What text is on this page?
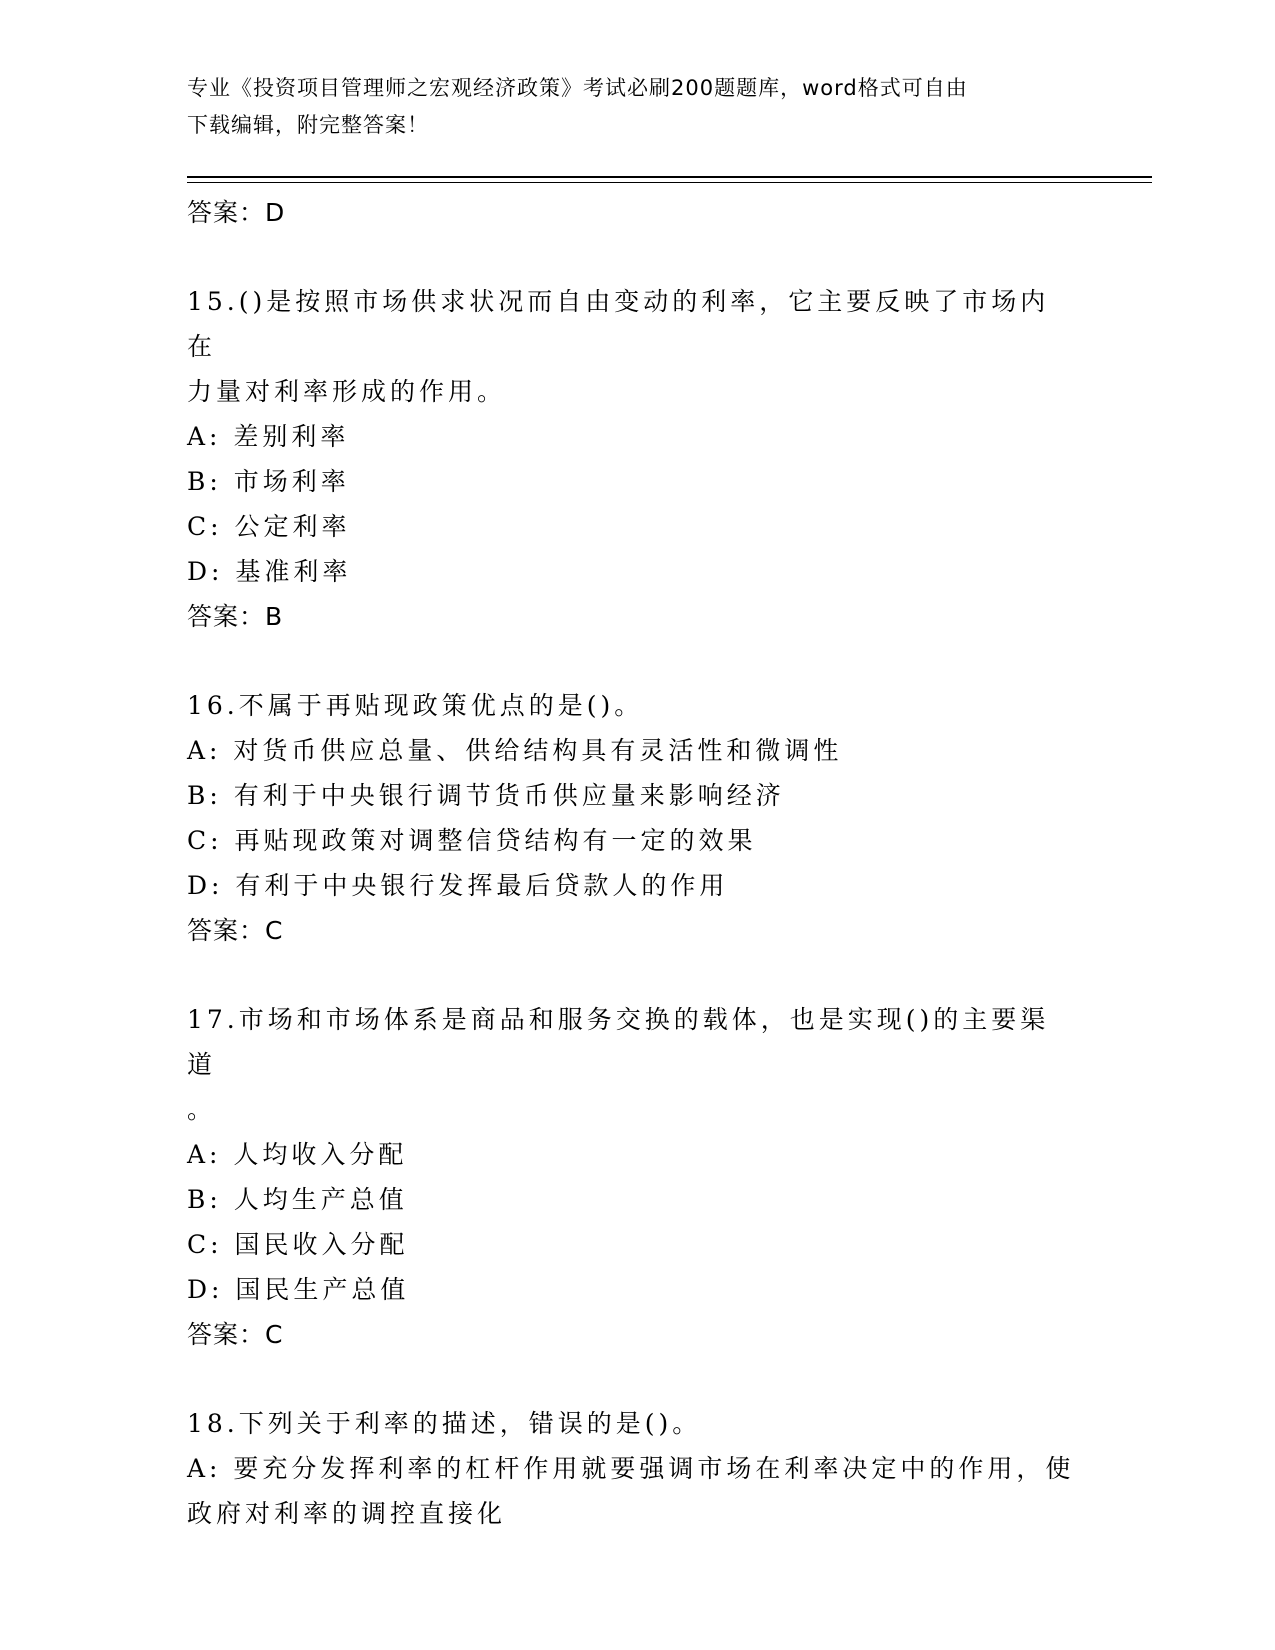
专业《投资项目管理师之宏观经济政策》考试必刷200题题库，word格式可自由
下载编辑，附完整答案！
答案：D
15.()是按照市场供求状况而自由变动的利率，它主要反映了市场内在
力量对利率形成的作用。
A: 差别利率
B: 市场利率
C: 公定利率
D: 基准利率
答案：B
16.不属于再贴现政策优点的是()。
A: 对货币供应总量、供给结构具有灵活性和微调性
B: 有利于中央银行调节货币供应量来影响经济
C: 再贴现政策对调整信贷结构有一定的效果
D: 有利于中央银行发挥最后贷款人的作用
答案：C
17.市场和市场体系是商品和服务交换的载体，也是实现()的主要渠道
。
A: 人均收入分配
B: 人均生产总值
C: 国民收入分配
D: 国民生产总值
答案：C
18.下列关于利率的描述，错误的是()。
A: 要充分发挥利率的杠杆作用就要强调市场在利率决定中的作用，使
政府对利率的调控直接化
